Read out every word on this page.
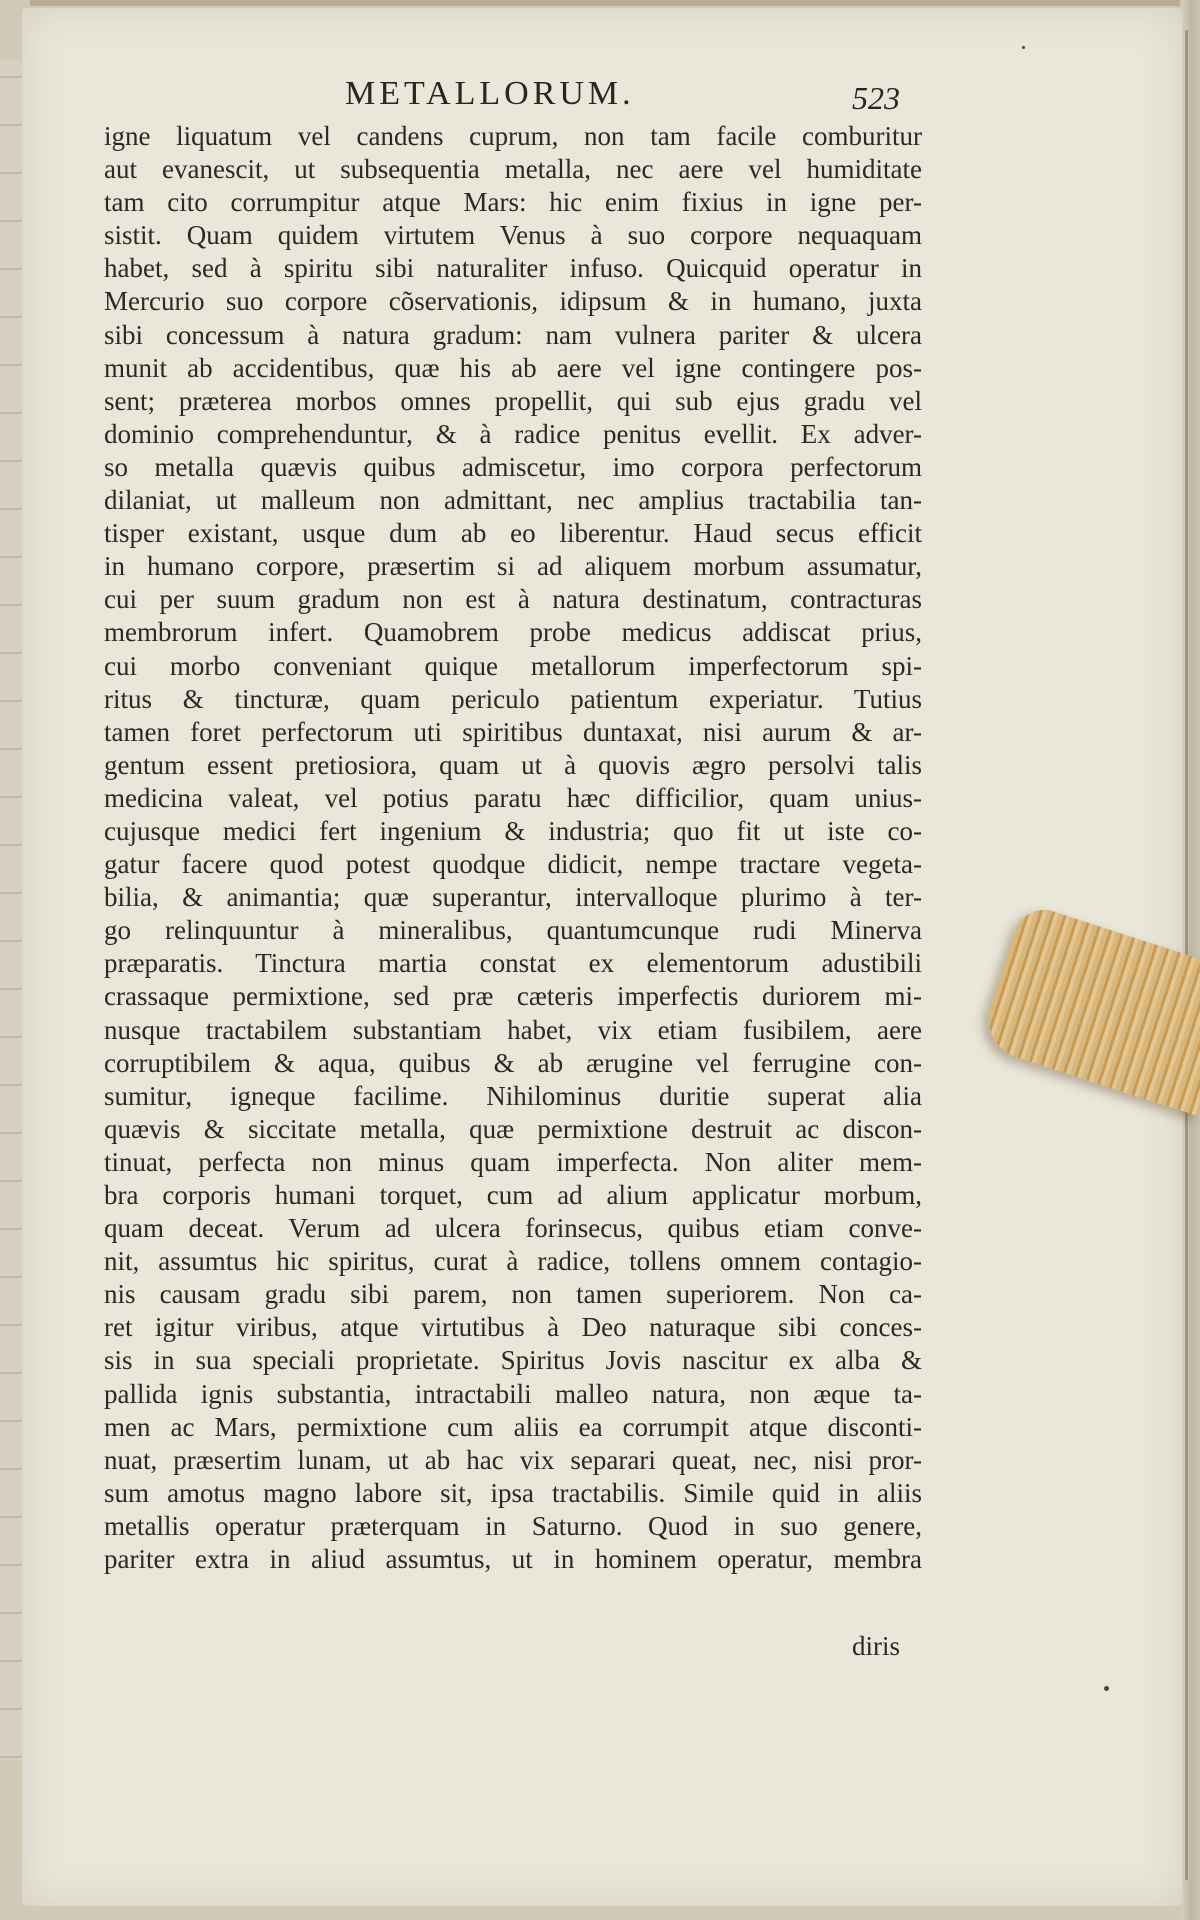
METALLORUM.	523
igne liquatum vel candens cuprum, non tam facile comburitur
aut evanescit, ut subsequentia metalla, nec aere vel humiditate
tam cito corrumpitur atque Mars: hic enim fixius in igne per-
sistit. Quam quidem virtutem Venus à suo corpore nequaquam
habet, sed à spiritu sibi naturaliter infuso. Quicquid operatur in
Mercurio suo corpore cõservationis, idipsum & in humano, juxta
sibi concessum à natura gradum: nam vulnera pariter & ulcera
munit ab accidentibus, quæ his ab aere vel igne contingere pos-
sent; præterea morbos omnes propellit, qui sub ejus gradu vel
dominio comprehenduntur, & à radice penitus evellit. Ex adver-
so metalla quævis quibus admiscetur, imo corpora perfectorum
dilaniat, ut malleum non admittant, nec amplius tractabilia tan-
tisper existant, usque dum ab eo liberentur. Haud secus efficit
in humano corpore, præsertim si ad aliquem morbum assumatur,
cui per suum gradum non est à natura destinatum, contracturas
membrorum infert. Quamobrem probe medicus addiscat prius,
cui morbo conveniant quique metallorum imperfectorum spi-
ritus & tincturæ, quam periculo patientum experiatur. Tutius
tamen foret perfectorum uti spiritibus duntaxat, nisi aurum & ar-
gentum essent pretiosiora, quam ut à quovis ægro persolvi talis
medicina valeat, vel potius paratu hæc difficilior, quam unius-
cujusque medici fert ingenium & industria; quo fit ut iste co-
gatur facere quod potest quodque didicit, nempe tractare vegeta-
bilia, & animantia; quæ superantur, intervalloque plurimo à ter-
go relinquuntur à mineralibus, quantumcunque rudi Minerva
præparatis. Tinctura martia constat ex elementorum adustibili
crassaque permixtione, sed præ cæteris imperfectis duriorem mi-
nusque tractabilem substantiam habet, vix etiam fusibilem, aere
corruptibilem & aqua, quibus & ab ærugine vel ferrugine con-
sumitur, igneque facilime. Nihilominus duritie superat alia
quævis & siccitate metalla, quæ permixtione destruit ac discon-
tinuat, perfecta non minus quam imperfecta. Non aliter mem-
bra corporis humani torquet, cum ad alium applicatur morbum,
quam deceat. Verum ad ulcera forinsecus, quibus etiam conve-
nit, assumtus hic spiritus, curat à radice, tollens omnem contagio-
nis causam gradu sibi parem, non tamen superiorem. Non ca-
ret igitur viribus, atque virtutibus à Deo naturaque sibi conces-
sis in sua speciali proprietate. Spiritus Jovis nascitur ex alba &
pallida ignis substantia, intractabili malleo natura, non æque ta-
men ac Mars, permixtione cum aliis ea corrumpit atque disconti-
nuat, præsertim lunam, ut ab hac vix separari queat, nec, nisi pror-
sum amotus magno labore sit, ipsa tractabilis. Simile quid in aliis
metallis operatur præterquam in Saturno. Quod in suo genere,
pariter extra in aliud assumtus, ut in hominem operatur, membra
diris
